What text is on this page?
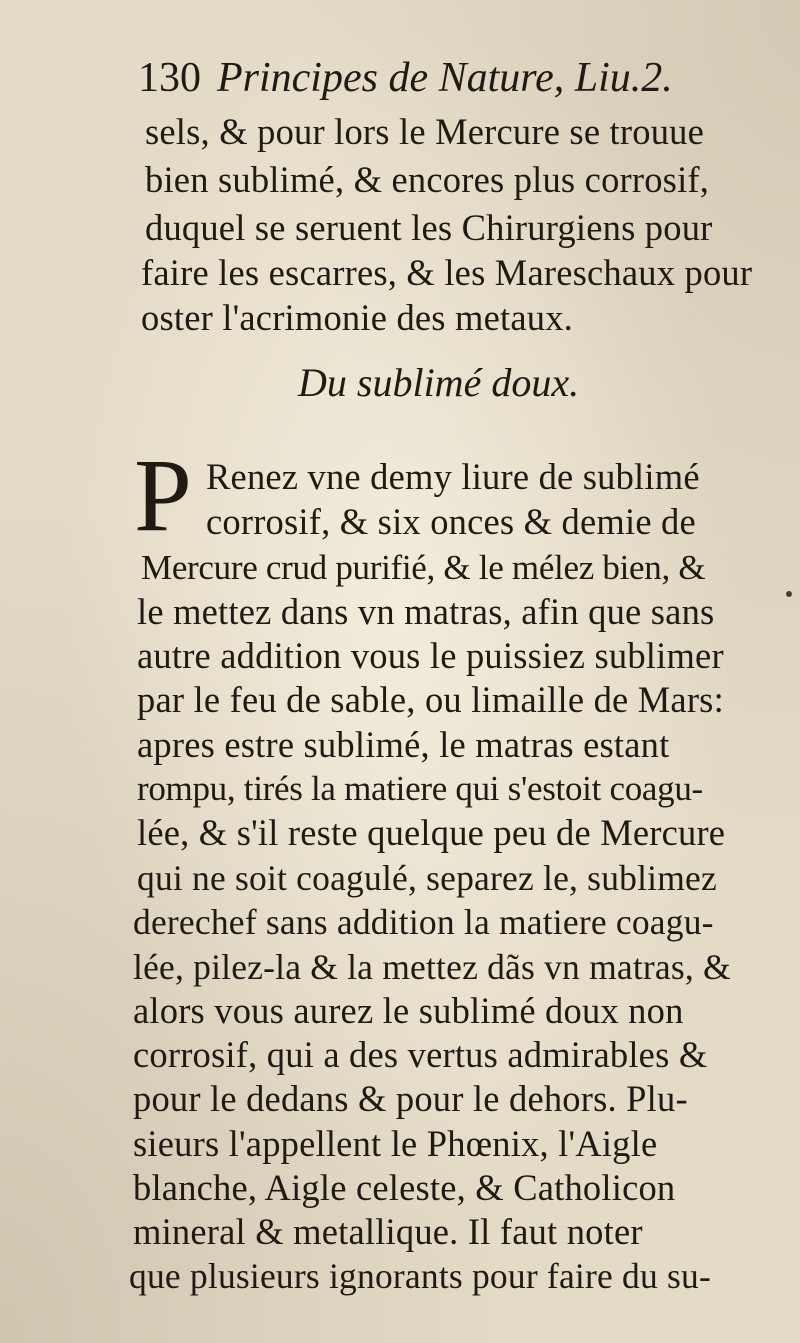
130 Principes de Nature, Liu.2.
sels, & pour lors le Mercure se trouue
bien sublimé, & encores plus corrosif,
duquel se seruent les Chirurgiens pour
faire les escarres, & les Mareschaux pour
oster l'acrimonie des metaux.
Du sublimé doux.
P Renez vne demy liure de sublimé
corrosif, & six onces & demie de
Mercure crud purifié, & le mélez bien, &
le mettez dans vn matras, afin que sans
autre addition vous le puissiez sublimer
par le feu de sable, ou limaille de Mars:
apres estre sublimé, le matras estant
rompu, tirés la matiere qui s'estoit coagu-
lée, & s'il reste quelque peu de Mercure
qui ne soit coagulé, separez le, sublimez
derechef sans addition la matiere coagu-
lée, pilez-la & la mettez dãs vn matras, &
alors vous aurez le sublimé doux non
corrosif, qui a des vertus admirables &
pour le dedans & pour le dehors. Plu-
sieurs l'appellent le Phœnix, l'Aigle
blanche, Aigle celeste, & Catholicon
mineral & metallique. Il faut noter
que plusieurs ignorants pour faire du su-
